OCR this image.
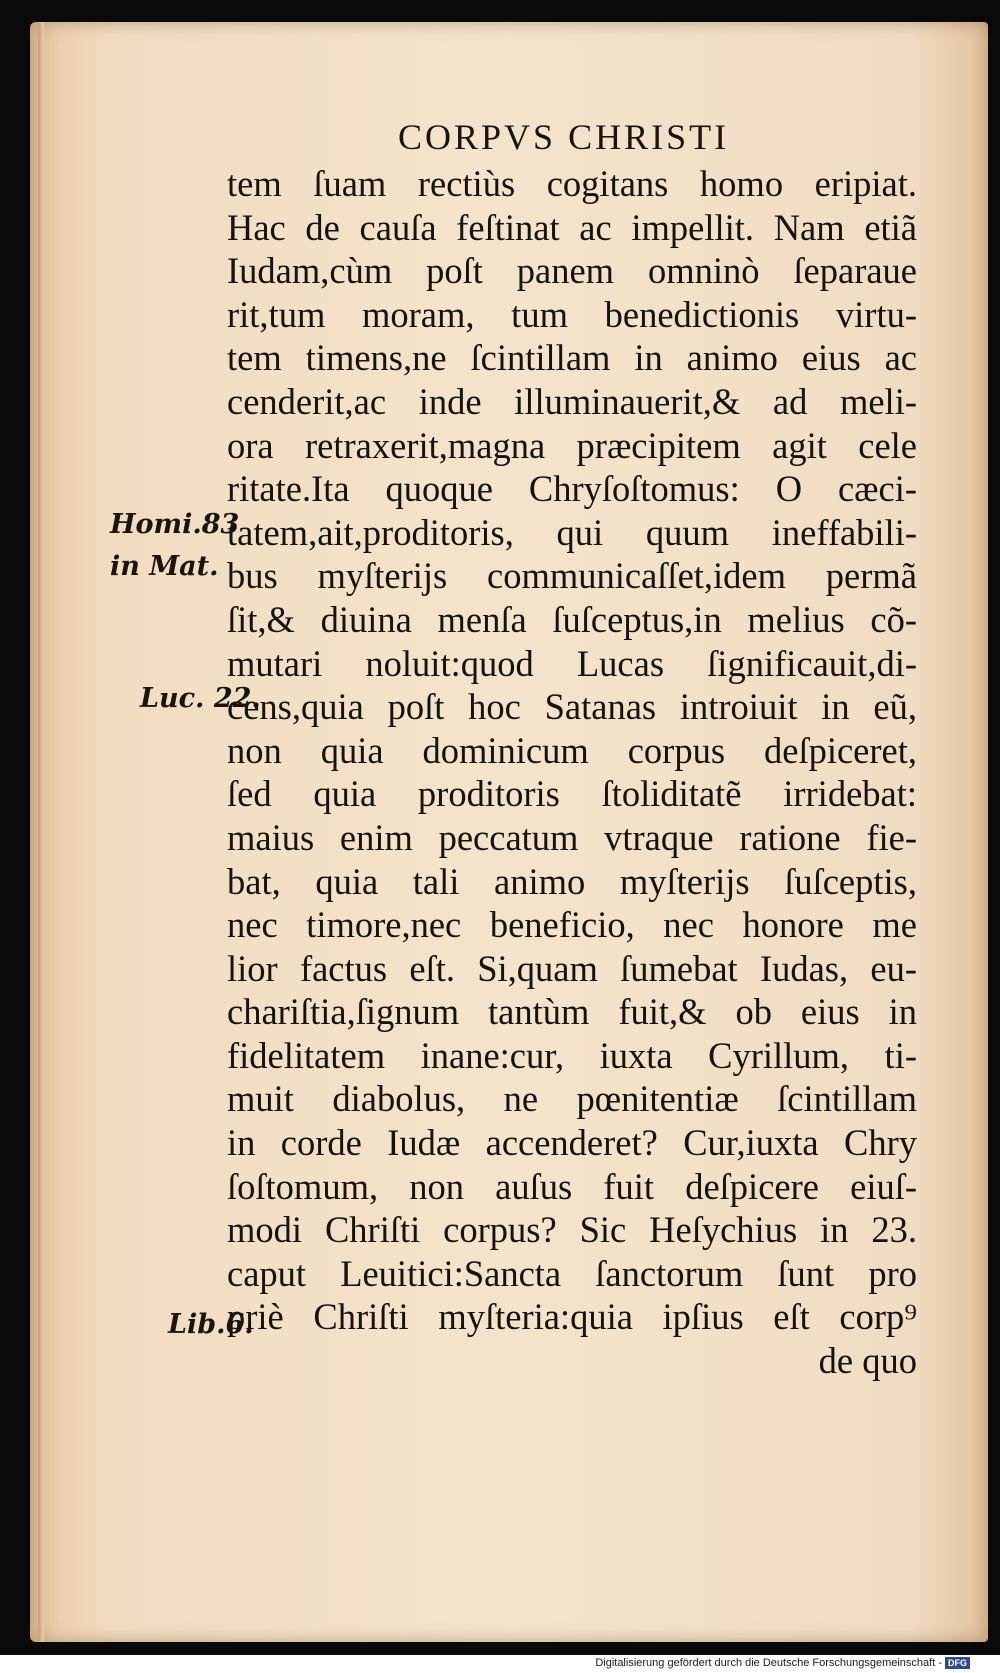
CORPVS CHRISTI
tem ſuam rectiùs cogitans homo eripiat.
Hac de cauſa feſtinat ac impellit. Nam etiã
Iudam,cùm poſt panem omninò ſeparaue
rit,tum moram, tum benedictionis virtu-
tem timens,ne ſcintillam in animo eius ac
cenderit,ac inde illuminauerit,& ad meli-
ora retraxerit,magna præcipitem agit cele
ritate.Ita quoque Chryſoſtomus: O cæci-
tatem,ait,proditoris, qui quum ineffabili-
bus myſterijs communicaſſet,idem permã
ſit,& diuina menſa ſuſceptus,in melius cõ-
mutari noluit:quod Lucas ſignificauit,di-
cens,quia poſt hoc Satanas introiuit in eũ,
non quia dominicum corpus deſpiceret,
ſed quia proditoris ſtoliditatẽ irridebat:
maius enim peccatum vtraque ratione fie-
bat, quia tali animo myſterijs ſuſceptis,
nec timore,nec beneficio, nec honore me
lior factus eſt. Si,quam ſumebat Iudas, eu-
chariſtia,ſignum tantùm fuit,& ob eius in
fidelitatem inane:cur, iuxta Cyrillum, ti-
muit diabolus, ne pœnitentiæ ſcintillam
in corde Iudæ accenderet? Cur,iuxta Chry
ſoſtomum, non auſus fuit deſpicere eiuſ-
modi Chriſti corpus? Sic Heſychius in 23.
caput Leuitici:Sancta ſanctorum ſunt pro
priè Chriſti myſteria:quia ipſius eſt corp⁹
de quo
Homi.83
in Mat.
Luc. 22.
Lib.6.
Digitalisierung gefördert durch die Deutsche Forschungsgemeinschaft - DFG
